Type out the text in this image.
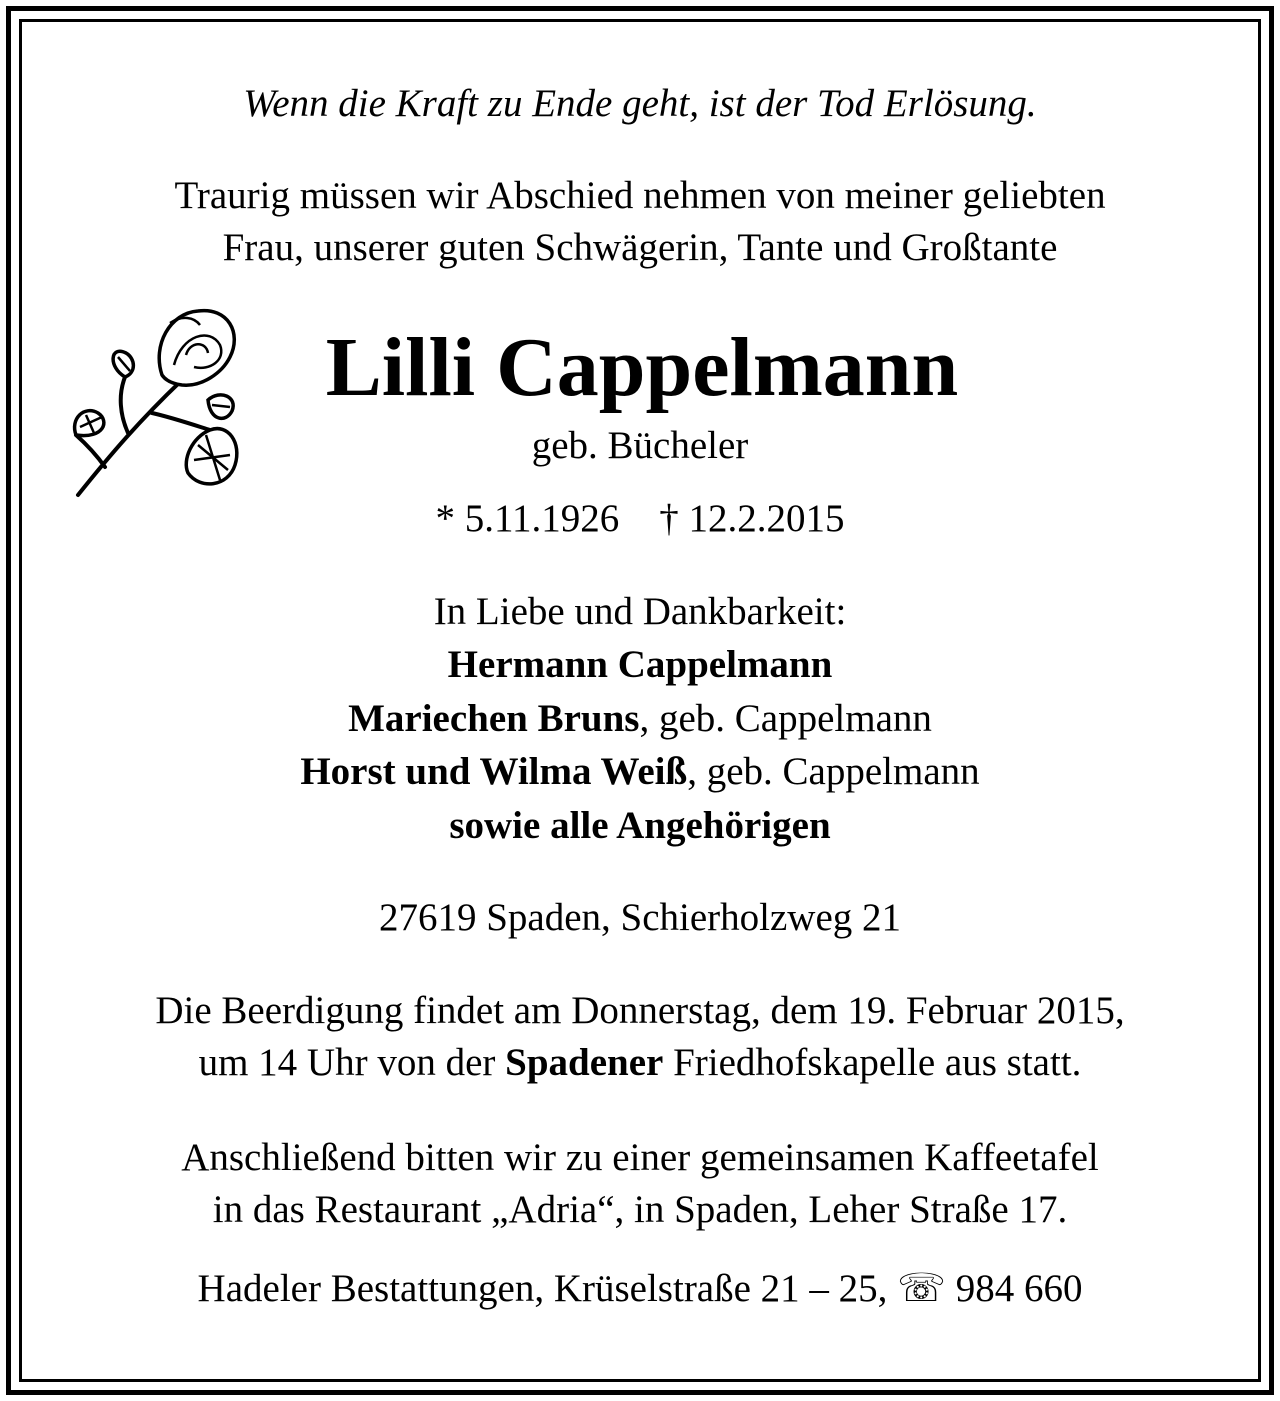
Wenn die Kraft zu Ende geht, ist der Tod Erlösung.
Traurig müssen wir Abschied nehmen von meiner geliebten
Frau, unserer guten Schwägerin, Tante und Großtante
Lilli Cappelmann
geb. Bücheler
* 5.11.1926 † 12.2.2015
In Liebe und Dankbarkeit:
Hermann Cappelmann
Mariechen Bruns, geb. Cappelmann
Horst und Wilma Weiß, geb. Cappelmann
sowie alle Angehörigen
27619 Spaden, Schierholzweg 21
Die Beerdigung findet am Donnerstag, dem 19. Februar 2015,
um 14 Uhr von der Spadener Friedhofskapelle aus statt.
Anschließend bitten wir zu einer gemeinsamen Kaffeetafel
in das Restaurant „Adria“, in Spaden, Leher Straße 17.
Hadeler Bestattungen, Krüselstraße 21 – 25, ☏ 984 660
